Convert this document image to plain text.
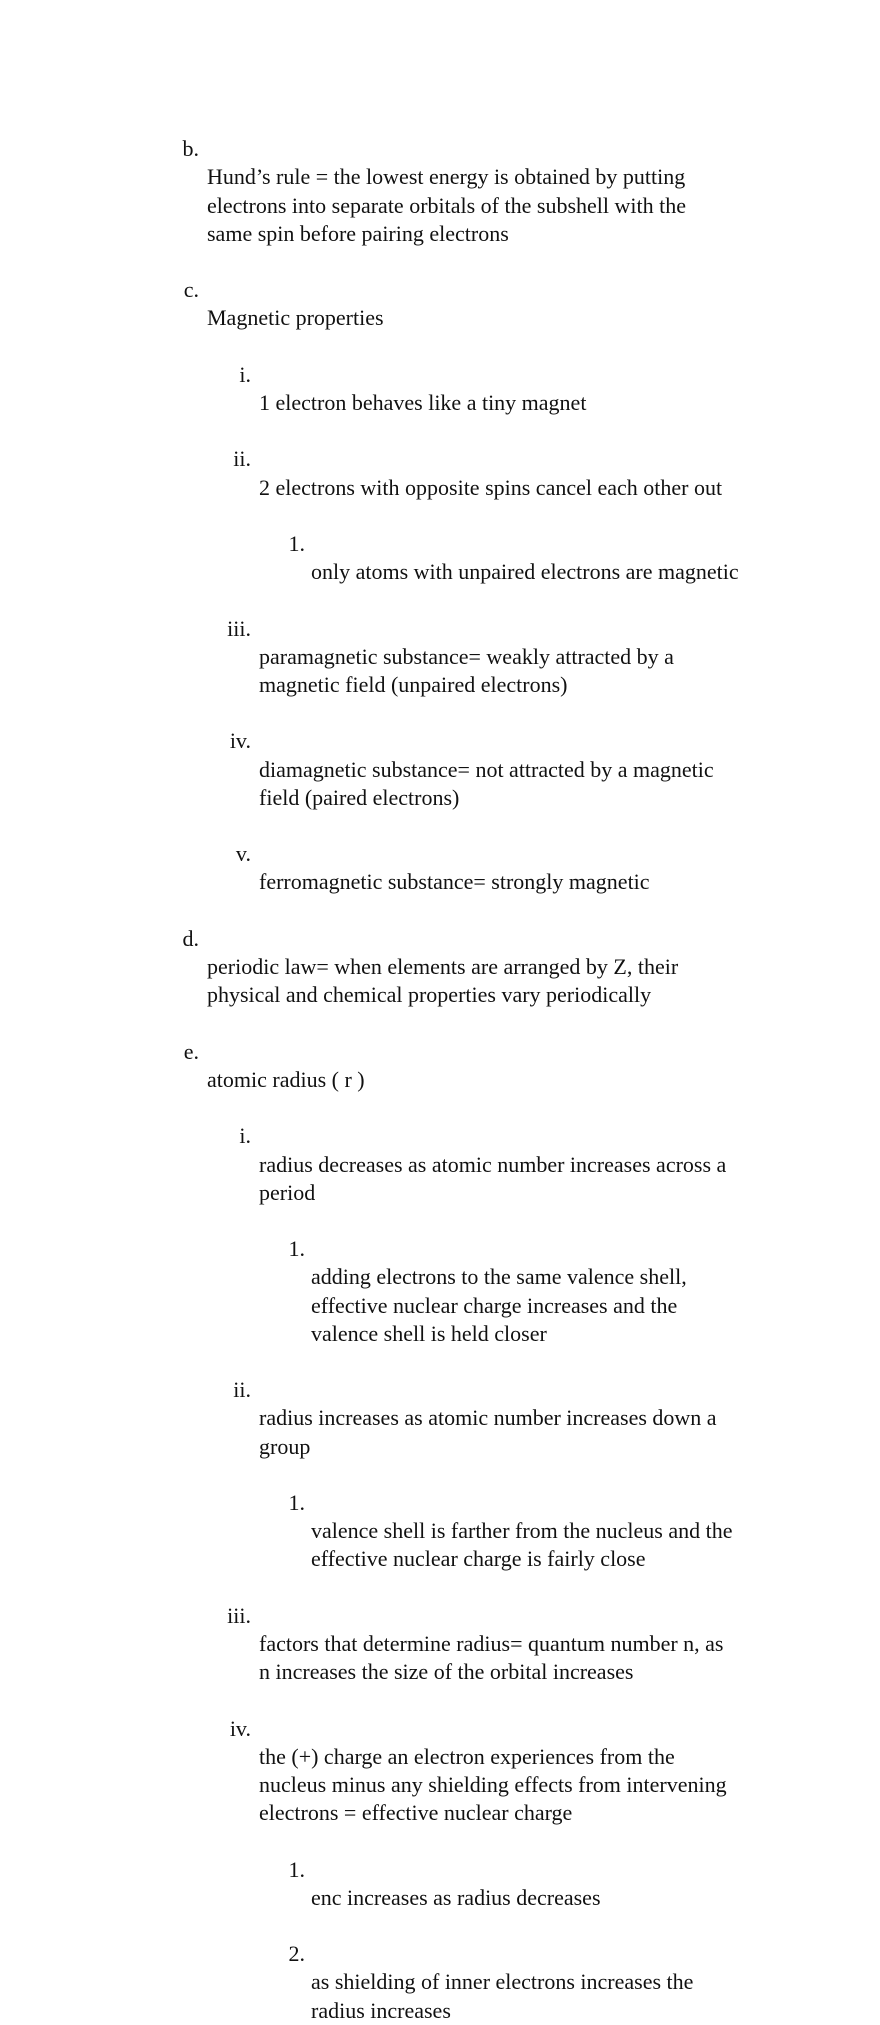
b.

Hund’s rule = the lowest energy is obtained by putting
electrons into separate orbitals of the subshell with the
same spin before pairing electrons

c.

Magnetic properties

i.

1 electron behaves like a tiny magnet

ii.

2 electrons with opposite spins cancel each other out

1.

only atoms with unpaired electrons are magnetic

iii.

paramagnetic substance= weakly attracted by a
magnetic field (unpaired electrons)

iv.

diamagnetic substance= not attracted by a magnetic
field (paired electrons)

v.

ferromagnetic substance= strongly magnetic

d.

periodic law= when elements are arranged by Z, their
physical and chemical properties vary periodically

e.

atomic radius ( r )

i.

radius decreases as atomic number increases across a
period

1.

adding electrons to the same valence shell,
effective nuclear charge increases and the
valence shell is held closer

ii.

radius increases as atomic number increases down a
group

1.

valence shell is farther from the nucleus and the
effective nuclear charge is fairly close

iii.

factors that determine radius= quantum number n, as
n increases the size of the orbital increases

iv.

the (+) charge an electron experiences from the
nucleus minus any shielding effects from intervening
electrons = effective nuclear charge

1.

enc increases as radius decreases

2.

as shielding of inner electrons increases the
radius increases
